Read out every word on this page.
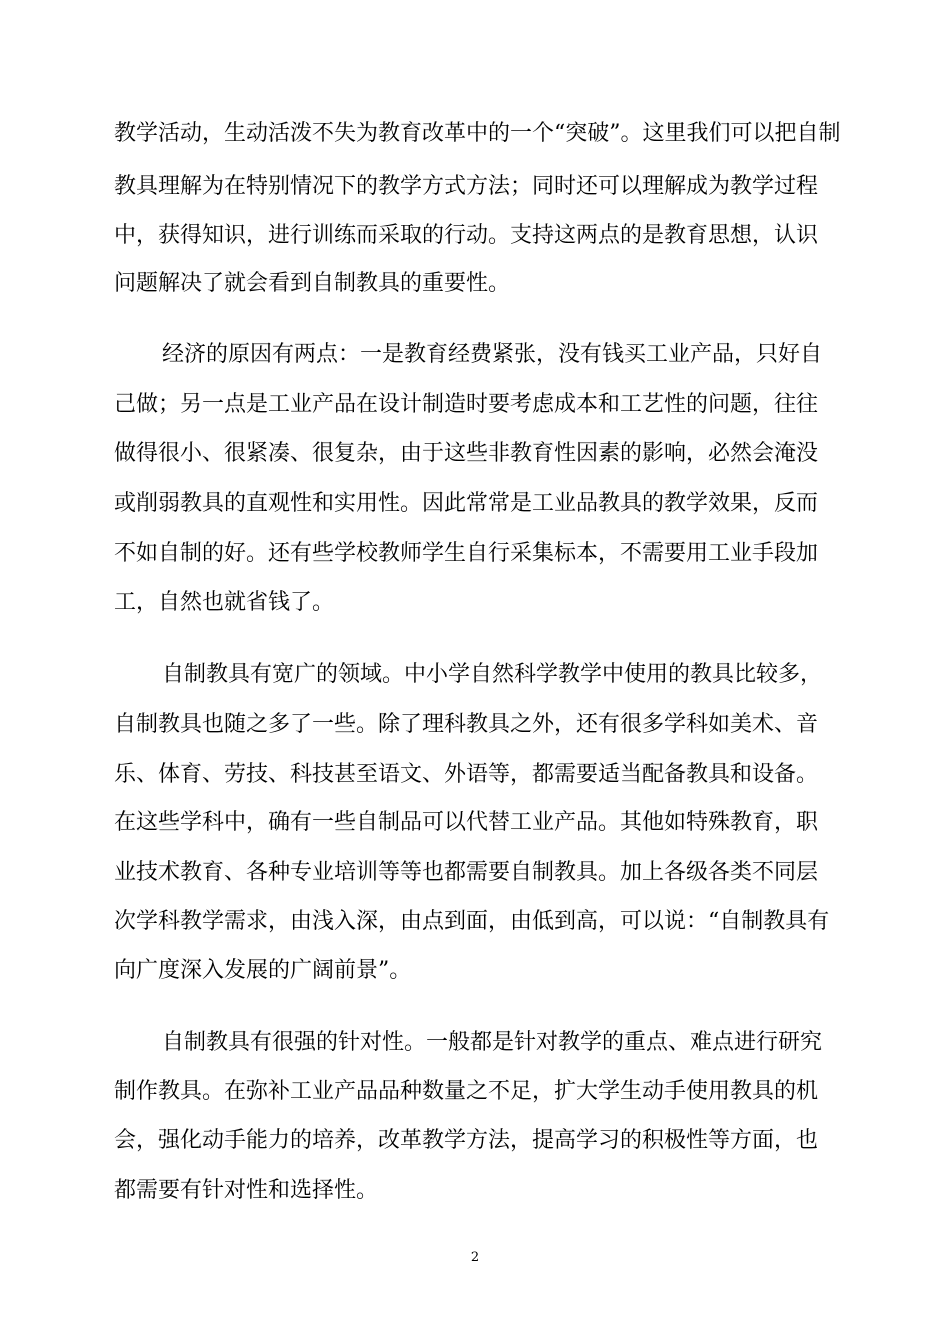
教学活动，生动活泼不失为教育改革中的一个“突破”。这里我们可以把自制
教具理解为在特别情况下的教学方式方法；同时还可以理解成为教学过程
中，获得知识，进行训练而采取的行动。支持这两点的是教育思想，认识
问题解决了就会看到自制教具的重要性。
经济的原因有两点：一是教育经费紧张，没有钱买工业产品，只好自
己做；另一点是工业产品在设计制造时要考虑成本和工艺性的问题，往往
做得很小、很紧凑、很复杂，由于这些非教育性因素的影响，必然会淹没
或削弱教具的直观性和实用性。因此常常是工业品教具的教学效果，反而
不如自制的好。还有些学校教师学生自行采集标本，不需要用工业手段加
工，自然也就省钱了。
自制教具有宽广的领域。中小学自然科学教学中使用的教具比较多，
自制教具也随之多了一些。除了理科教具之外，还有很多学科如美术、音
乐、体育、劳技、科技甚至语文、外语等，都需要适当配备教具和设备。
在这些学科中，确有一些自制品可以代替工业产品。其他如特殊教育，职
业技术教育、各种专业培训等等也都需要自制教具。加上各级各类不同层
次学科教学需求，由浅入深，由点到面，由低到高，可以说：“自制教具有
向广度深入发展的广阔前景”。
自制教具有很强的针对性。一般都是针对教学的重点、难点进行研究
制作教具。在弥补工业产品品种数量之不足，扩大学生动手使用教具的机
会，强化动手能力的培养，改革教学方法，提高学习的积极性等方面，也
都需要有针对性和选择性。
2
